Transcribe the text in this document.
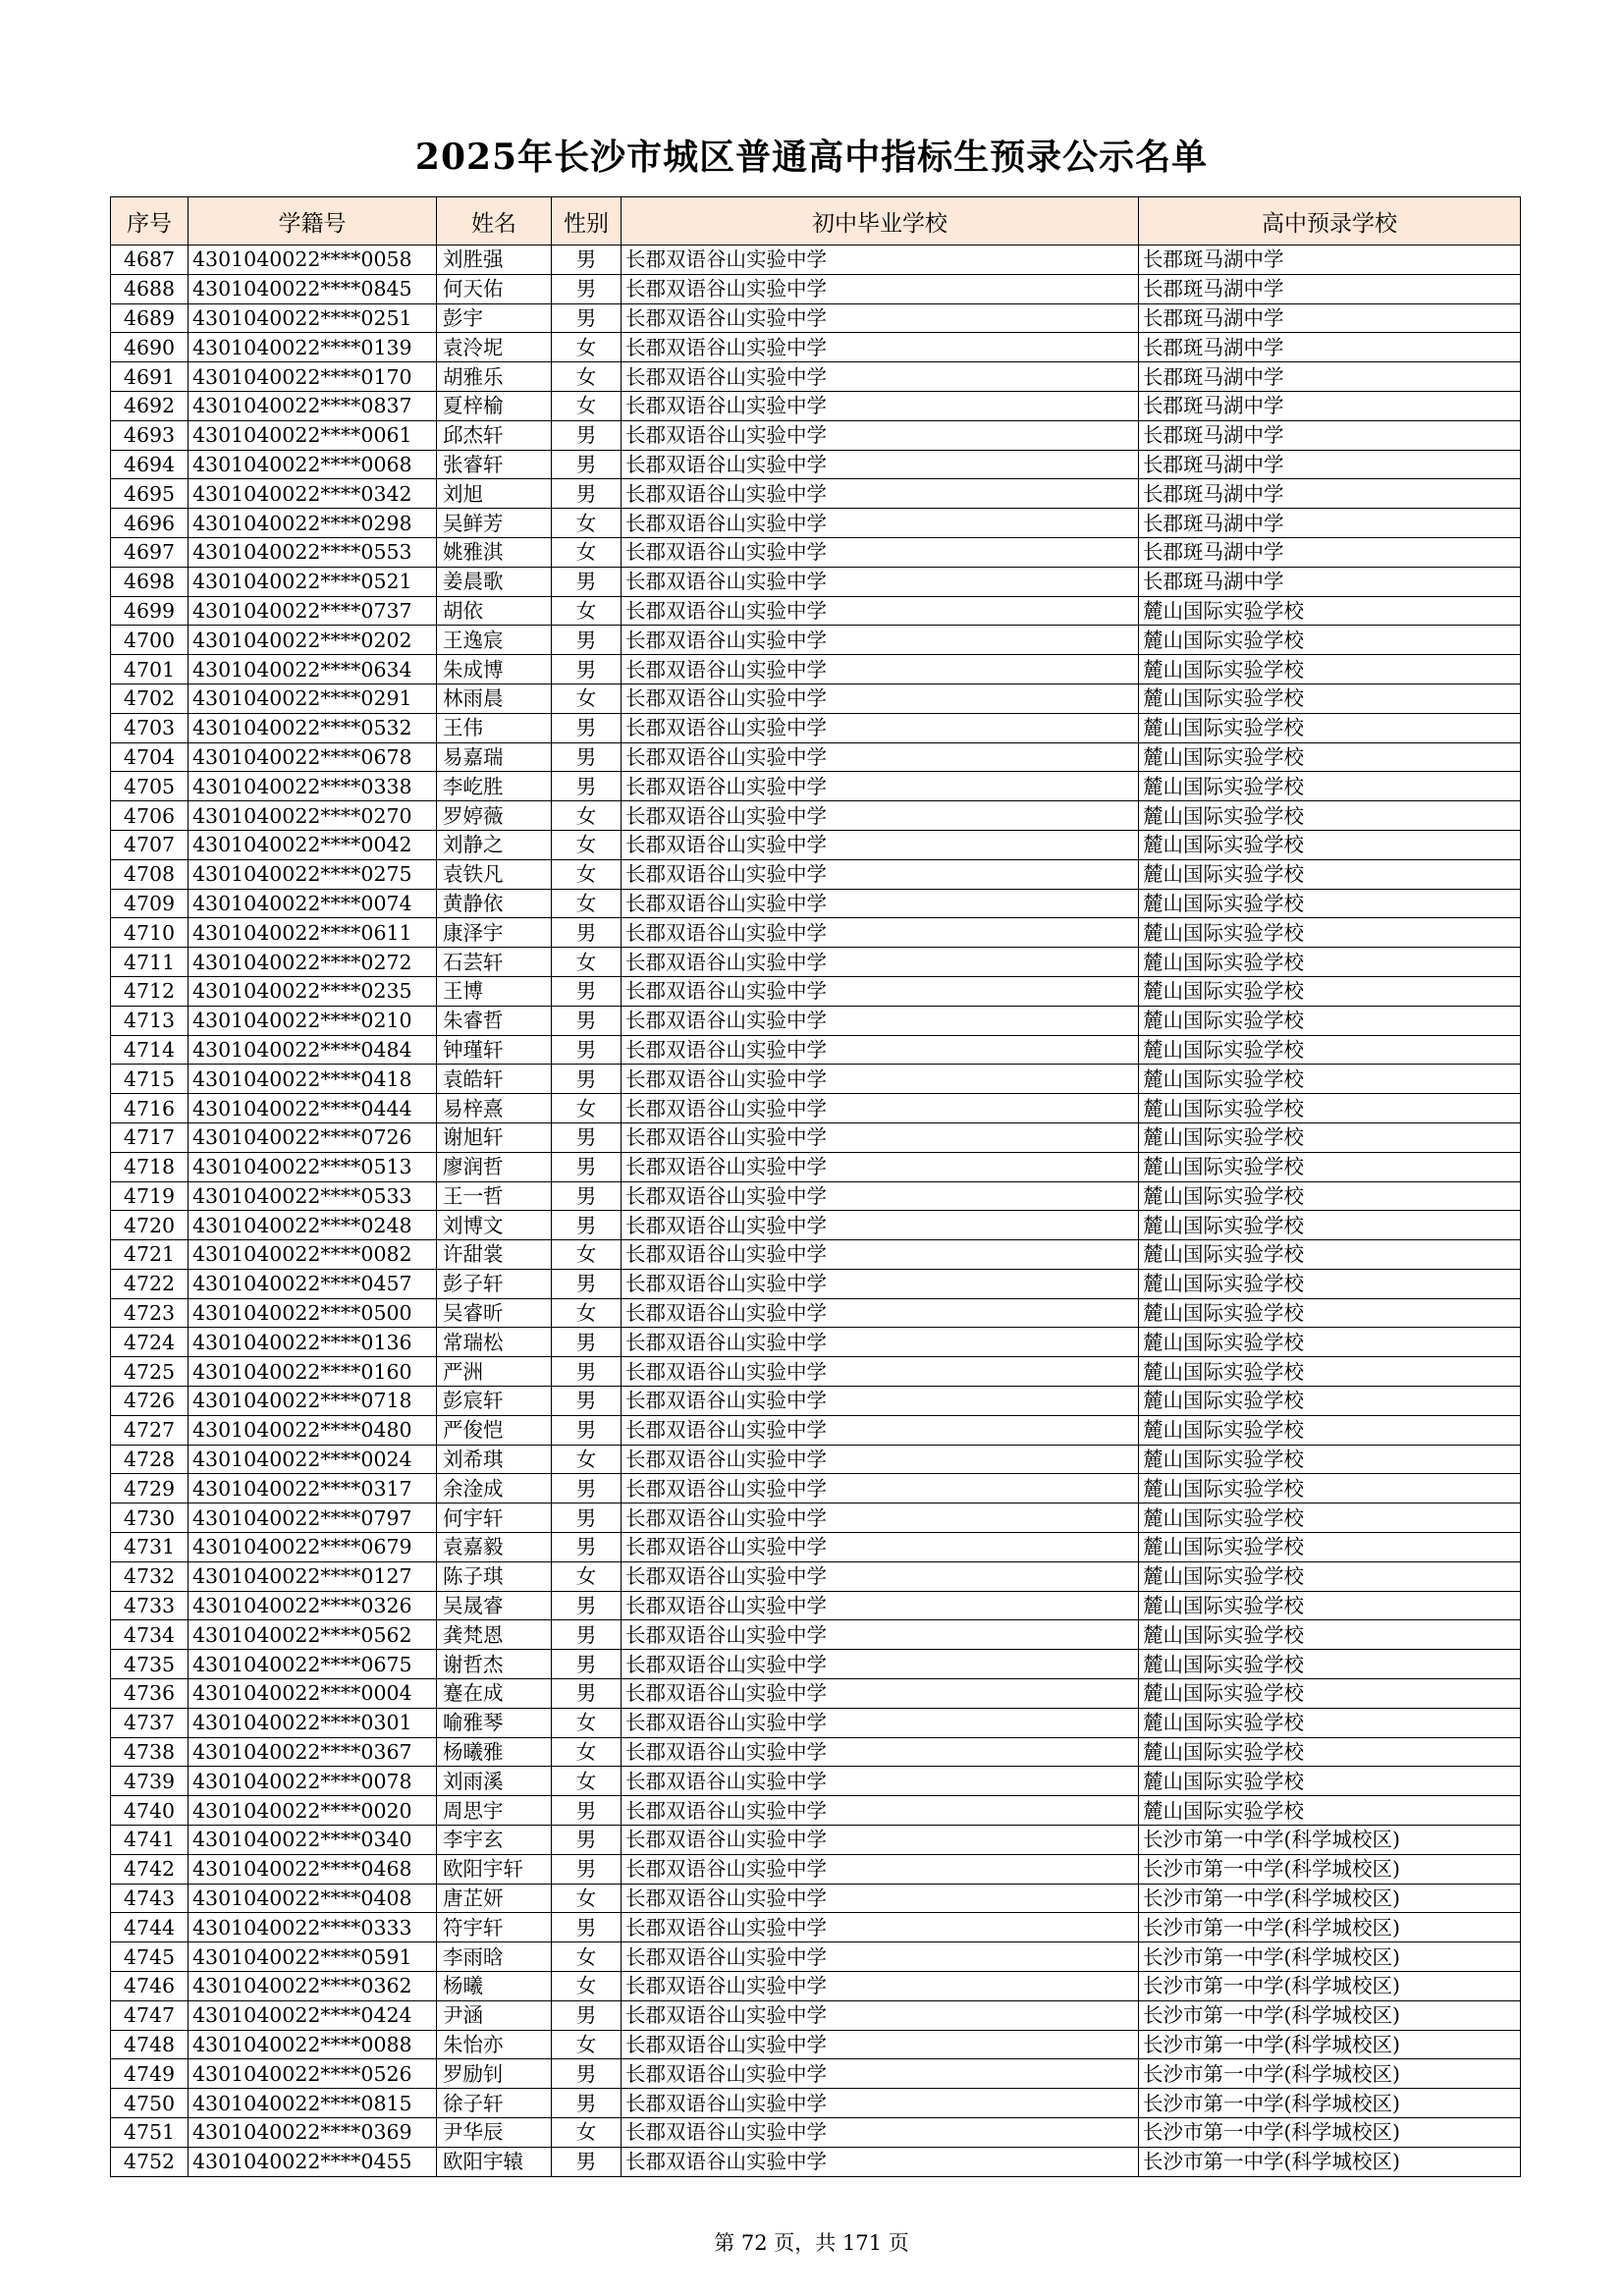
2025年长沙市城区普通高中指标生预录公示名单
序号	学籍号	姓名	性别	初中毕业学校	高中预录学校
4687	4301040022****0058	刘胜强	男	长郡双语谷山实验中学	长郡斑马湖中学
4688	4301040022****0845	何天佑	男	长郡双语谷山实验中学	长郡斑马湖中学
4689	4301040022****0251	彭宇	男	长郡双语谷山实验中学	长郡斑马湖中学
4690	4301040022****0139	袁泠坭	女	长郡双语谷山实验中学	长郡斑马湖中学
4691	4301040022****0170	胡雅乐	女	长郡双语谷山实验中学	长郡斑马湖中学
4692	4301040022****0837	夏梓榆	女	长郡双语谷山实验中学	长郡斑马湖中学
4693	4301040022****0061	邱杰轩	男	长郡双语谷山实验中学	长郡斑马湖中学
4694	4301040022****0068	张睿轩	男	长郡双语谷山实验中学	长郡斑马湖中学
4695	4301040022****0342	刘旭	男	长郡双语谷山实验中学	长郡斑马湖中学
4696	4301040022****0298	吴鲜芳	女	长郡双语谷山实验中学	长郡斑马湖中学
4697	4301040022****0553	姚雅淇	女	长郡双语谷山实验中学	长郡斑马湖中学
4698	4301040022****0521	姜晨歌	男	长郡双语谷山实验中学	长郡斑马湖中学
4699	4301040022****0737	胡依	女	长郡双语谷山实验中学	麓山国际实验学校
4700	4301040022****0202	王逸宸	男	长郡双语谷山实验中学	麓山国际实验学校
4701	4301040022****0634	朱成博	男	长郡双语谷山实验中学	麓山国际实验学校
4702	4301040022****0291	林雨晨	女	长郡双语谷山实验中学	麓山国际实验学校
4703	4301040022****0532	王伟	男	长郡双语谷山实验中学	麓山国际实验学校
4704	4301040022****0678	易嘉瑞	男	长郡双语谷山实验中学	麓山国际实验学校
4705	4301040022****0338	李屹胜	男	长郡双语谷山实验中学	麓山国际实验学校
4706	4301040022****0270	罗婷薇	女	长郡双语谷山实验中学	麓山国际实验学校
4707	4301040022****0042	刘静之	女	长郡双语谷山实验中学	麓山国际实验学校
4708	4301040022****0275	袁铁凡	女	长郡双语谷山实验中学	麓山国际实验学校
4709	4301040022****0074	黄静依	女	长郡双语谷山实验中学	麓山国际实验学校
4710	4301040022****0611	康泽宇	男	长郡双语谷山实验中学	麓山国际实验学校
4711	4301040022****0272	石芸轩	女	长郡双语谷山实验中学	麓山国际实验学校
4712	4301040022****0235	王博	男	长郡双语谷山实验中学	麓山国际实验学校
4713	4301040022****0210	朱睿哲	男	长郡双语谷山实验中学	麓山国际实验学校
4714	4301040022****0484	钟瑾轩	男	长郡双语谷山实验中学	麓山国际实验学校
4715	4301040022****0418	袁皓轩	男	长郡双语谷山实验中学	麓山国际实验学校
4716	4301040022****0444	易梓熹	女	长郡双语谷山实验中学	麓山国际实验学校
4717	4301040022****0726	谢旭轩	男	长郡双语谷山实验中学	麓山国际实验学校
4718	4301040022****0513	廖润哲	男	长郡双语谷山实验中学	麓山国际实验学校
4719	4301040022****0533	王一哲	男	长郡双语谷山实验中学	麓山国际实验学校
4720	4301040022****0248	刘博文	男	长郡双语谷山实验中学	麓山国际实验学校
4721	4301040022****0082	许甜裳	女	长郡双语谷山实验中学	麓山国际实验学校
4722	4301040022****0457	彭子轩	男	长郡双语谷山实验中学	麓山国际实验学校
4723	4301040022****0500	吴睿昕	女	长郡双语谷山实验中学	麓山国际实验学校
4724	4301040022****0136	常瑞松	男	长郡双语谷山实验中学	麓山国际实验学校
4725	4301040022****0160	严洲	男	长郡双语谷山实验中学	麓山国际实验学校
4726	4301040022****0718	彭宸轩	男	长郡双语谷山实验中学	麓山国际实验学校
4727	4301040022****0480	严俊恺	男	长郡双语谷山实验中学	麓山国际实验学校
4728	4301040022****0024	刘希琪	女	长郡双语谷山实验中学	麓山国际实验学校
4729	4301040022****0317	余淦成	男	长郡双语谷山实验中学	麓山国际实验学校
4730	4301040022****0797	何宇轩	男	长郡双语谷山实验中学	麓山国际实验学校
4731	4301040022****0679	袁嘉毅	男	长郡双语谷山实验中学	麓山国际实验学校
4732	4301040022****0127	陈子琪	女	长郡双语谷山实验中学	麓山国际实验学校
4733	4301040022****0326	吴晟睿	男	长郡双语谷山实验中学	麓山国际实验学校
4734	4301040022****0562	龚梵恩	男	长郡双语谷山实验中学	麓山国际实验学校
4735	4301040022****0675	谢哲杰	男	长郡双语谷山实验中学	麓山国际实验学校
4736	4301040022****0004	蹇在成	男	长郡双语谷山实验中学	麓山国际实验学校
4737	4301040022****0301	喻雅琴	女	长郡双语谷山实验中学	麓山国际实验学校
4738	4301040022****0367	杨曦雅	女	长郡双语谷山实验中学	麓山国际实验学校
4739	4301040022****0078	刘雨溪	女	长郡双语谷山实验中学	麓山国际实验学校
4740	4301040022****0020	周思宇	男	长郡双语谷山实验中学	麓山国际实验学校
4741	4301040022****0340	李宇玄	男	长郡双语谷山实验中学	长沙市第一中学(科学城校区)
4742	4301040022****0468	欧阳宇轩	男	长郡双语谷山实验中学	长沙市第一中学(科学城校区)
4743	4301040022****0408	唐芷妍	女	长郡双语谷山实验中学	长沙市第一中学(科学城校区)
4744	4301040022****0333	符宇轩	男	长郡双语谷山实验中学	长沙市第一中学(科学城校区)
4745	4301040022****0591	李雨晗	女	长郡双语谷山实验中学	长沙市第一中学(科学城校区)
4746	4301040022****0362	杨曦	女	长郡双语谷山实验中学	长沙市第一中学(科学城校区)
4747	4301040022****0424	尹涵	男	长郡双语谷山实验中学	长沙市第一中学(科学城校区)
4748	4301040022****0088	朱怡亦	女	长郡双语谷山实验中学	长沙市第一中学(科学城校区)
4749	4301040022****0526	罗励钊	男	长郡双语谷山实验中学	长沙市第一中学(科学城校区)
4750	4301040022****0815	徐子轩	男	长郡双语谷山实验中学	长沙市第一中学(科学城校区)
4751	4301040022****0369	尹华辰	女	长郡双语谷山实验中学	长沙市第一中学(科学城校区)
4752	4301040022****0455	欧阳宇辕	男	长郡双语谷山实验中学	长沙市第一中学(科学城校区)
第 72 页，共 171 页
